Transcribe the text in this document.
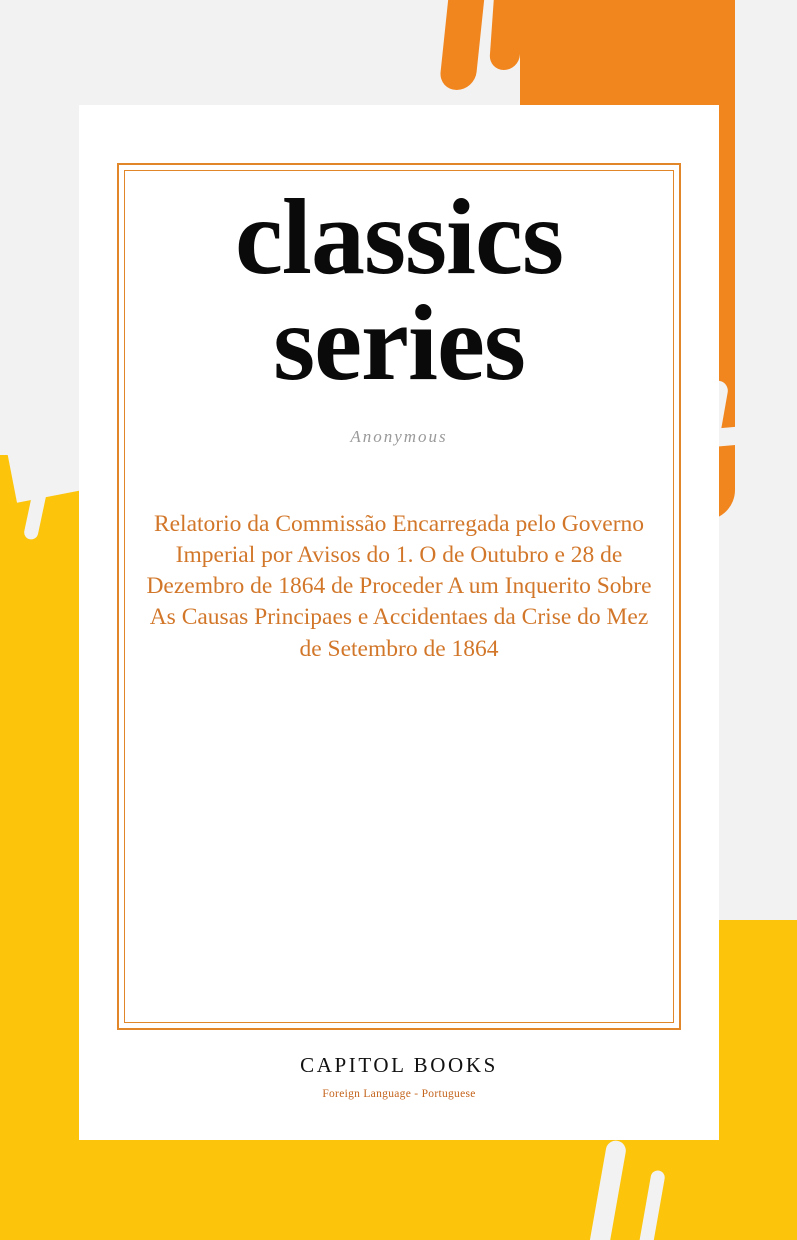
classics
series
Anonymous
Relatorio da Commissão Encarregada pelo Governo Imperial por Avisos do 1. O de Outubro e 28 de Dezembro de 1864 de Proceder A um Inquerito Sobre As Causas Principaes e Accidentaes da Crise do Mez de Setembro de 1864
CAPITOL BOOKS
Foreign Language - Portuguese
